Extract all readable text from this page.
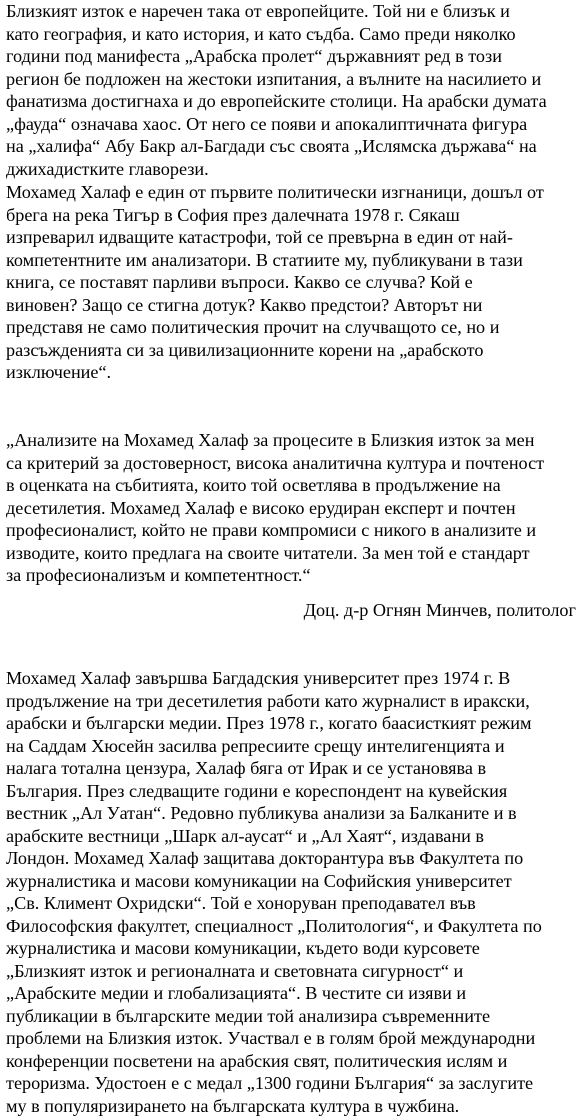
Близкият изток е наречен така от европейците. Той ни е близък и
като география, и като история, и като съдба. Само преди няколко
години под манифеста „Арабска пролет“ държавният ред в този
регион бе подложен на жестоки изпитания, а вълните на насилието и
фанатизма достигнаха и до европейските столици. На арабски думата
„фауда“ означава хаос. От него се появи и апокалиптичната фигура
на „халифа“ Абу Бакр ал-Багдади със своята „Ислямска държава“ на
джихадистките главорези.
Мохамед Халаф е един от първите политически изгнаници, дошъл от
брега на река Тигър в София през далечната 1978 г. Сякаш
изпреварил идващите катастрофи, той се превърна в един от най-
компетентните им анализатори. В статиите му, публикувани в тази
книга, се поставят парливи въпроси. Какво се случва? Кой е
виновен? Защо се стигна дотук? Какво предстои? Авторът ни
представя не само политическия прочит на случващото се, но и
разсъжденията си за цивилизационните корени на „арабското
изключение“.
„Анализите на Мохамед Халаф за процесите в Близкия изток за мен
са критерий за достоверност, висока аналитична култура и почтеност
в оценката на събитията, които той осветлява в продължение на
десетилетия. Мохамед Халаф е високо ерудиран експерт и почтен
професионалист, който не прави компромиси с никого в анализите и
изводите, които предлага на своите читатели. За мен той е стандарт
за професионализъм и компетентност.“
Доц. д-р Огнян Минчев, политолог
Мохамед Халаф завършва Багдадския университет през 1974 г. В
продължение на три десетилетия работи като журналист в иракски,
арабски и български медии. През 1978 г., когато баасисткият режим
на Саддам Хюсейн засилва репресиите срещу интелигенцията и
налага тотална цензура, Халаф бяга от Ирак и се установява в
България. През следващите години е кореспондент на кувейския
вестник „Ал Уатан“. Редовно публикува анализи за Балканите и в
арабските вестници „Шарк ал-аусат“ и „Ал Хаят“, издавани в
Лондон. Мохамед Халаф защитава докторантура във Факултета по
журналистика и масови комуникации на Софийския университет
„Св. Климент Охридски“. Той е хоноруван преподавател във
Философския факултет, специалност „Политология“, и Факултета по
журналистика и масови комуникации, където води курсовете
„Близкият изток и регионалната и световната сигурност“ и
„Арабските медии и глобализацията“. В честите си изяви и
публикации в българските медии той анализира съвременните
проблеми на Близкия изток. Участвал е в голям брой международни
конференции посветени на арабския свят, политическия ислям и
тероризма. Удостоен е с медал „1300 години България“ за заслугите
му в популяризирането на българската култура в чужбина.
